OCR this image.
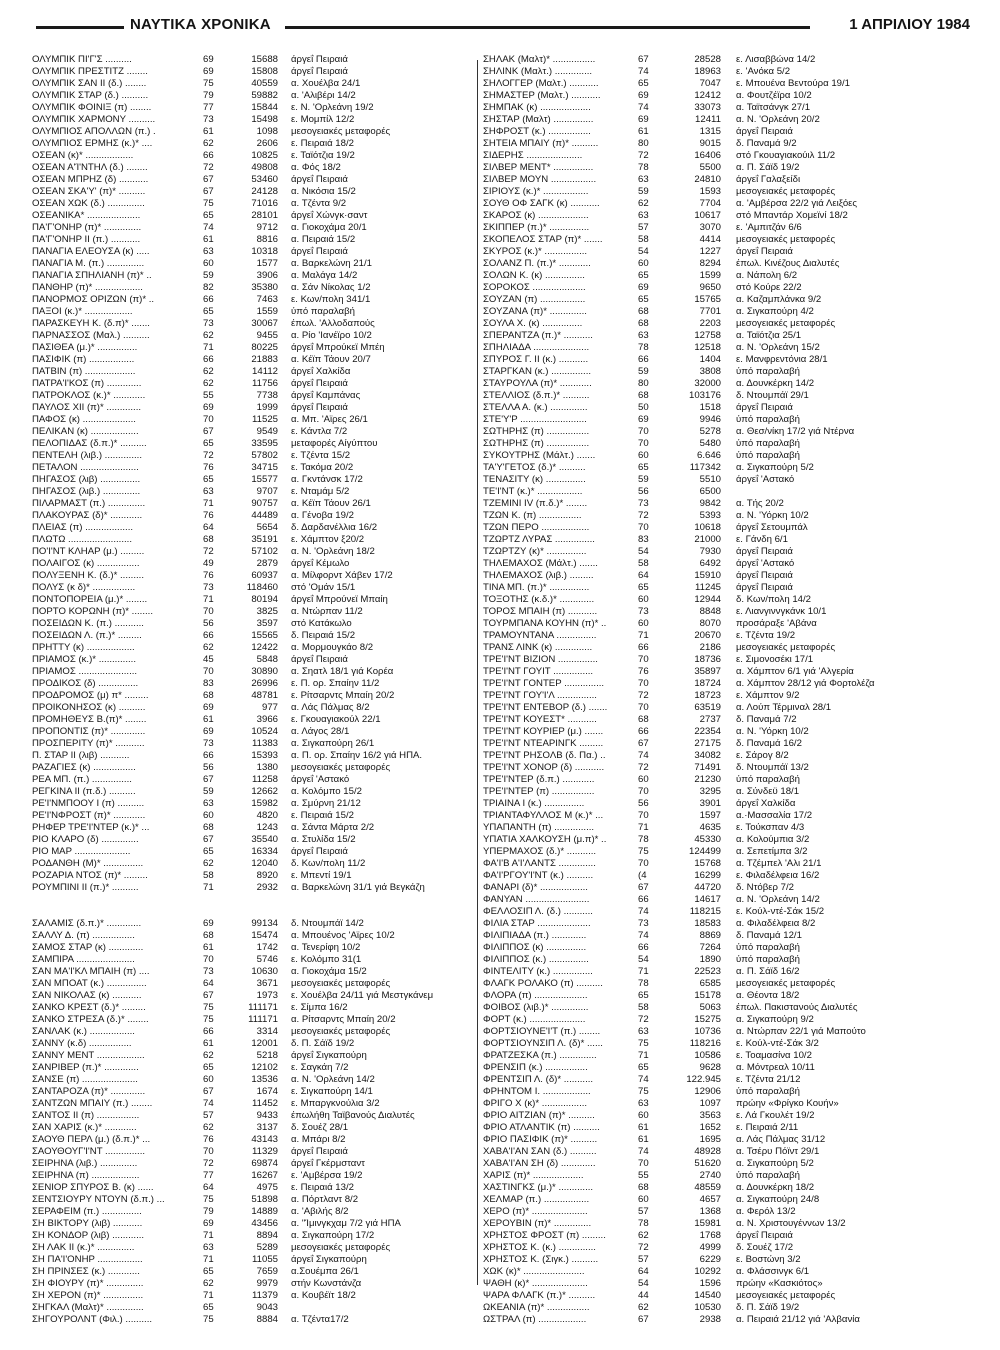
ΝΑΥΤΙΚΑ ΧΡΟΝΙΚΑ	1 ΑΠΡΙΛΙΟΥ 1984
ΟΛΥΜΠΙΚ ΠΙ'Γ'Σ ..........	69	15688 άργεΐ Πειραιά
ΟΛΥΜΠΙΚ ΠΡΕΣΤΙΤΖ ........	69	15808 άργεΐ Πειραιά
ΟΛΥΜΠΙΚ ΣΑΝ ΙΙ (δ.) ........	75	40559 α. Χουέλβα 24/1
ΟΛΥΜΠΙΚ ΣΤΑΡ (δ.) ..........	79	59882 α. 'Αλιβέρι 14/2
ΟΛΥΜΠΙΚ ΦΟΙΝΙΞ (π) ........	77	15844 ε. Ν. 'Ορλεάνη 19/2
ΟΛΥΜΠΙΚ ΧΑΡΜΟΝΥ ..........	73	15498 ε. Μομπίλ 12/2
ΟΛΥΜΠΙΟΣ ΑΠΟΛΛΩΝ (π.) .	61	1098 μεσογειακές μεταφορές
ΟΛΥΜΠΙΟΣ ΕΡΜΗΣ (κ.)* ....	62	2606 ε. Πειραιά 18/2
ΟΣΕΑΝ (κ)* ..................	66	10825 ε. Ταϊότζια 19/2
ΟΣΕΑΝ Α'Ί'ΝΤΗΛ (δ.) ........	72	49808 α. Φός 18/2
ΟΣΕΑΝ ΜΠΡΗΖ (δ) ...........	67	53460 άργεΐ Πειραιά
ΟΣΕΑΝ ΣΚΑ'Υ' (π)* ..........	67	24128 α. Νικόσια 15/2
ΟΣΕΑΝ ΧΩΚ (δ.) ..............	75	71016 α. Τζέντα 9/2
ΟΣΕΑΝΙΚΑ* ....................	65	28101 άργεΐ Χώνγκ·σαντ
ΠΑ'Γ'ΟΝΗΡ (π)* ..............	74	9712 α. Γιοκοχάμα 20/1
ΠΑ'Γ'ΟΝΗΡ ΙΙ (π.) ...........	61	8816 α. Πειραιά 15/2
ΠΑΝΑΓΙΑ ΕΛΕΟΥΣΑ (κ) .....	63	10318 άργεΐ Πειραιά
ΠΑΝΑΓΙΑ Μ. (π.) ..............	60	1577 α. Βαρκελώνη 21/1
ΠΑΝΑΓΙΑ ΣΠΗΛΙΑΝΗ (π)* ..	59	3906 α. Μαλάγα 14/2
ΠΑΝΘΗΡ (π)* ..................	82	35380 α. Σάν Νίκολας 1/2
ΠΑΝΟΡΜΟΣ ΟΡΙΖΩΝ (π)* ..	66	7463 ε. Κων/πολη 341/1
ΠΑΞΟΙ (κ.)* ..................	65	1559 ύπό παραλαβή
ΠΑΡΑΣΚΕΥΗ Κ. (δ.π)* .......	73	30067 έπωλ. 'Αλλοδαπούς
ΠΑΡΝΑΣΣΟΣ (Μαλ.) ..........	62	9455 α. Ρίο 'Ιανέϊρο 10/2
ΠΑΣΙΘΕΑ (μ.)* ...............	71	80225 άργεΐ Μπρούκεϊ Μπέη
ΠΑΣΙΦΙΚ (π) .................	66	21883 α. Κέϊπ Τάουν 20/7
ΠΑΤΒΙΝ (π) ...................	62	14112 άργεΐ Χαλκίδα
ΠΑΤΡΑ'Ι'ΚΟΣ (π) .............	62	11756 άργεΐ Πειραιά
ΠΑΤΡΟΚΛΟΣ (κ.)* ............	55	7738 άργεΐ Καμπάνας
ΠΑΥΛΟΣ ΧΙΙ (π)* .............	69	1999 άργεΐ Πειραιά
ΠΑΦΟΣ (κ) ....................	70	11525 α. Μπ. 'Αϊρες 26/1
ΠΕΛΙΚΑΝ (κ) ..................	67	9549 ε. Κάντλα 7/2
ΠΕΛΟΠΙΔΑΣ (δ.π.)* ..........	65	33595 μεταφορές Αίγύπτου
ΠΕΝΤΕΛΗ (λιβ.) ..............	72	57802 ε. Τζέντα 15/2
ΠΕΤΑΛΟΝ ......................	76	34715 ε. Τακόμα 20/2
ΠΗΓΑΣΟΣ (λιβ) ...............	65	15577 α. Γκντάνσκ 17/2
ΠΗΓΑΣΟΣ (λιβ.) ..............	63	9707 ε. Νταμάμ 5/2
ΠΙΛΑΡΜΑΣΤ (π.) ..............	71	90757 α. Κέϊπ Τάουν 26/1
ΠΛΑΚΟΥΡΑΣ (δ)* ............	76	44489 α. Γένοβα 19/2
ΠΛΕΙΑΣ (π) ..................	64	5654 δ. Δαρδανέλλια 16/2
ΠΛΩΤΩ ........................	68	35191 ε. Χάμπτον ξ20/2
ΠΟ'Ι'ΝΤ ΚΛΗΑΡ (μ.) .........	72	57102 α. Ν. 'Ορλεάνη 18/2
ΠΟΛΑΙΓΟΣ (κ) ................	49	2879 άργεΐ Κέμωλο
ΠΟΛΥΞΕΝΗ Κ. (δ.)* .........	76	60937 α. Μίλφορντ Χάβεν 17/2
ΠΟΛΥΣ (κ δ)* ................	73	118460 στό 'Ομάν 15/1
ΠΟΝΤΟΠΟΡΕΙΑ (μ.)* ........	71	80194 άργεΐ Μπρούνεϊ Μπαίη
ΠΟΡΤΟ ΚΟΡΩΝΗ (π)* ........	70	3825 α. Ντώρπαν 11/2
ΠΟΣΕΙΔΩΝ Κ. (π.) ...........	56	3597 στό Κατάκωλο
ΠΟΣΕΙΔΩΝ Λ. (π.)* .........	66	15565 δ. Πειραιά 15/2
ΠΡΗΤΤΥ (κ) ..................	62	12422 α. Μορμουγκάο 8/2
ΠΡΙΑΜΟΣ (κ.)* ..............	45	5848 άργεΐ Πειραιά
ΠΡΙΑΜΟΣ ......................	70	30890 α. Σηατλ 18/1 γιά Κορέα
ΠΡΟΔΙΚΟΣ (δ) ...............	83	26996 ε. Π. ορ. Σπαίην 11/2
ΠΡΟΔΡΟΜΟΣ (μ) π* .........	68	48781 ε. Ρίτσαρντς Μπαίη 20/2
ΠΡΟΙΚΟΝΗΣΟΣ (κ) ..........	69	977 α. Λάς Πάλμας 8/2
ΠΡΟΜΗΘΕΥΣ Β.(π)* ........	61	3966 ε. Γκουαγιακούλ 22/1
ΠΡΟΠΟΝΤΙΣ (π)* .............	69	10524 α. Λάγος 28/1
ΠΡΟΣΠΕΡΙΤΥ (π)* ...........	73	11383 α. Σιγκαπούρη 26/1
Π. ΣΤΑΡ ΙΙ (λιβ) ...........	66	15393 α. Π. ορ. Σπαίην 16/2 γιά ΗΠΑ.
ΡΑΖΑΓΙΕΣ (κ) ................	56	1380 μεσογειακές μεταφορές
ΡΕΑ ΜΠ. (π.) ...............	67	11258 άργεΐ 'Αστακό
ΡΕΓΚΙΝΑ ΙΙ (π.δ.) ..........	59	12662 α. Κολόμπο 15/2
ΡΕ'Ι'ΝΜΠΟΟΥ Ι (π) ..........	63	15982 α. Σμύρνη 21/12
ΡΕ'Ι'ΝΦΡΟΣΤ (π)* ............	60	4820 ε. Πειραιά 15/2
ΡΗΦΕΡ ΤΡΕ'Ι'ΝΤΕΡ (κ.)* ...	68	1243 α. Σάντα Μάρτα 2/2
ΡΙΟ ΚΛΑΡΟ (δ) ..............	67	35540 α. Στυλίδα 15/2
ΡΙΟ ΜΑΡ .....................	65	16334 άργεΐ Πειραιά
ΡΟΔΑΝΘΗ (Μ)* ...............	62	12040 δ. Κων/πολη 11/2
ΡΟΖΑΡΙΑ ΝΤΟΣ (π)* .........	58	8920 ε. Μπεντί 19/1
ΡΟΥΜΠΙΝΙ ΙΙ (π.)* ..........	71	2932 α. Βαρκελώνη 31/1 γιά Βεγκάζη
ΣΑΛΑΜΙΣ (δ.π.)* .............	69	99134 δ. Ντουμπάϊ 14/2
ΣΑΛΛΥ Δ. (π) ................	68	15474 α. Μπουένος 'Αϊρες 10/2
ΣΑΜΟΣ ΣΤΑΡ (κ) .............	61	1742 α. Τενερίφη 10/2
ΣΑΜΠΙΡΑ ......................	70	5746 ε. Κολόμπο 31(1
ΣΑΝ ΜΑ'Ι'ΚΛ ΜΠΑΙΗ (π) ....	73	10630 α. Γιοκοχάμα 15/2
ΣΑΝ ΜΠΟΑΤ (κ.) ...............	64	3671 μεσογειακές μεταφορές
ΣΑΝ ΝΙΚΟΛΑΣ (κ) ...........	67	1973 ε. Χουέλβα 24/11 γιά Μεστγκάνεμ
ΣΑΝΚΟ ΚΡΕΣΤ (δ.)* .........	75	111171 ε. Σίμπα 16/2
ΣΑΝΚΟ ΣΤΡΕΣΑ (δ.)* ........	75	111171 α. Ρίτσαρντς Μπαίη 20/2
ΣΑΝΛΑΚ (κ.) .................	66	3314 μεσογειακές μεταφορές
ΣΑΝΝΥ (κ.δ) ................	61	12001 δ. Π. Σάϊδ 19/2
ΣΑΝΝΥ ΜΕΝΤ ..................	62	5218 άργεΐ Σιγκαπούρη
ΣΑΝΡΙΒΕΡ (π.)* .............	65	12102 ε. Σαγκάη 7/2
ΣΑΝΣΕ (π) .....................	60	13536 α. Ν. 'Ορλεάνη 14/2
ΣΑΝΤΑΡΟΖΑ (π)* .............	67	1674 ε. Σιγκαπούρη 14/1
ΣΑΝΤΖΩΝ ΜΠΑΙΥ (π.) ........	74	11452 ε. Μπαργκνούλια 3/2
ΣΑΝΤΟΣ ΙΙ (π) ................	57	9433 έπωλήθη Ταϊβανούς Διαλυτές
ΣΑΝ ΧΑΡΙΣ (κ.)* ............	62	3137 δ. Σουέζ 28/1
ΣΑΟΥΘ ΠΕΡΛ (μ.) (δ.π.)* ...	76	43143 α. Μπάρι 8/2
ΣΑΟΥΘΟΥΓ'Ι'ΝΤ ...............	70	11329 άργεΐ Πειραιά
ΣΕΙΡΗΝΑ (λιβ.) ..............	72	69874 άργεΐ Γκέρμσταντ
ΣΕΙΡΗΝΑ (π) ..................	77	16267 ε. 'Αμβέρσα 19/2
ΣΕΝΙΟΡ ΣΠΥΡΟΣ Β. (κ) ......	64	4975 ε. Πειραιά 13/2
ΣΕΝΤΣΙΟΥΡΥ ΝΤΟΥΝ (δ.π.) ...	75	51898 α. Πόρτλαντ 8/2
ΣΕΡΑΦΕΙΜ (π.) ...............	79	14889 α. 'Αβιλής 8/2
ΣΗ ΒΙΚΤΟΡΥ (λιβ) ...........	69	43456 α. "Ίμινγκχαμ 7/2 γιά ΗΠΑ
ΣΗ ΚΟΝΔΟΡ (λιβ) ............	71	8894 α. Σιγκαπούρη 17/2
ΣΗ ΛΑΚ ΙΙ (κ.)* ..............	63	5289 μεσογειακές μεταφορές
ΣΗ ΠΑ'Ι'ΟΝΗΡ .................	71	11055 άργεΐ Σιγκαπούρη
ΣΗ ΠΡΙΝΣΕΣ (κ.) ............	65	7659 α.Σουέμπα 26/1
ΣΗ ΦΙΟΥΡΥ (π)* ..............	62	9979 στήν Κωνστάνζα
ΣΗ ΧΕΡΟΝ (π)* ...............	71	11379 α. Κουβέϊτ 18/2
ΣΗΓΚΑΛ (Μαλτ)* ..............	65	9043
ΣΗΓΟΥΡΟΛΝΤ (Φιλ.) ..........	75	8884 α. Τζέντα17/2
ΣΗΛΑΚ (Μαλτ)* ................	67	28528 ε. Λισαββώνα 14/2
ΣΗΛΙΝΚ (Μαλτ.) ..............	74	18963 ε. 'Ανόκα 5/2
ΣΗΛΟΓΓΕΡ (Μαλτ.) ...........	65	7047 ε. Μπουένα Βεντούρα 19/1
ΣΗΜΑΣΤΕΡ (Μαλτ.) ...........	69	12412 α. Φουτζέϊρα 10/2
ΣΗΜΠΑΚ (κ) ...................	74	33073 α. Ταϊτσάνγκ 27/1
ΣΗΣΤΑΡ (Μαλτ) ...............	69	12411 α. Ν. 'Ορλεάνη 20/2
ΣΗΦΡΟΣΤ (κ.) ................	61	1315 άργεΐ Πειραιά
ΣΗΤΕΙΑ ΜΠΑΙΥ (π)* ..........	80	9015 δ. Παναμά 9/2
ΣΙΔΕΡΗΣ .....................	72	16406 στό Γκουαγιακούιλ 11/2
ΣΙΛΒΕΡ ΜΕΝΤ* ...............	78	5500 α. Π. Σάϊδ 19/2
ΣΙΛΒΕΡ ΜΟΥΝ .................	63	24810 άργεΐ Γαλαξείδι
ΣΙΡΙΟΥΣ (κ.)* .................	59	1593 μεσογειακές μεταφορές
ΣΟΥΘ ΟΦ ΣΑΓΚ (κ) ...........	62	7704 α. 'Αμβέρσα 22/2 γιά Λειξόες
ΣΚΑΡΟΣ (κ) ...................	63	10617 στό Μπαντάρ Χομεϊνί 18/2
ΣΚΙΠΠΕΡ (π.)* ...............	57	3070 ε. 'Αμπιτζάν 6/6
ΣΚΟΠΕΛΟΣ ΣΤΑΡ (π)* .......	58	4414 μεσογειακές μεταφορές
ΣΚΥΡΟΣ (κ.)* ................	54	1227 άργεΐ Πειραιά
ΣΟΛΑΝΖ Π. (π.)* ............	60	8294 έπωλ. Κινέζους Διαλυτές
ΣΟΛΩΝ Κ. (κ) ...............	65	1599 α. Νάπολη 6/2
ΣΟΡΟΚΟΣ ....................	69	9650 στό Κούρε 22/2
ΣΟΥΖΑΝ (π) .................	65	15765 α. Καζαμπλάνκα 9/2
ΣΟΥΖΑΝΑ (π)* ..............	68	7701 α. Σιγκαπούρη 4/2
ΣΟΥΛΑ Χ. (κ) ...............	68	2203 μεσογειακές μεταφορές
ΣΠΕΡΑΝΤΖΑ (π.)* ...........	63	12758 α. Ταϊότζια 25/1
ΣΠΗΛΙΑΔΑ .....................	78	12518 α. Ν. 'Ορλεάνη 15/2
ΣΠΥΡΟΣ Γ. ΙΙ (κ.) ...........	66	1404 ε. Μανφρεντόνια 28/1
ΣΤΑΡΓΚΑΝ (κ.) ...............	59	3808 ύπό παραλαβή
ΣΤΑΥΡΟΥΛΑ (π)* ............	80	32000 α. Δουνκέρκη 14/2
ΣΤΕΛΛΙΟΣ (δ.π.)* ..........	68	103176 δ. Ντουμπάϊ 29/1
ΣΤΕΛΛΑ Α. (κ.) ..............	50	1518 άργεΐ Πειραιά
ΣΤΕ'Υ'Ρ .........................	69	9946 ύπό παραλαβή
ΣΩΤΗΡΗΣ (π) ................	70	5278 α. Θεσ/νίκη 17/2 γιά Ντέρνα
ΣΩΤΗΡΗΣ (π) ................	70	5480 ύπό παραλαβή
ΣΥΚΟΥΤΡΗΣ (Μάλτ.) .......	60	6.646 ύπό παραλαβή
ΤΑ'Υ'ΓΕΤΟΣ (δ.)* ..........	65	117342 α. Σιγκαπούρη 5/2
ΤΕΝΑΣΙΤΥ (κ) ...............	59	5510 άργεΐ 'Αστακό
ΤΕ'Ι'ΝΤ (κ.)* .................	56	6500
ΤΖΕΜΙΝΙ ΙV (π.δ.)* ........	73	9842 α. Τής 20/2
ΤΖΩΝ Κ. (π) ................	72	5393 α. Ν. 'Υόρκη 10/2
ΤΖΩΝ ΠΕΡΟ ..................	70	10618 άργεΐ Σετουμπάλ
ΤΖΩΡΤΖ ΛΥΡΑΣ ...............	83	21000 ε. Γάνδη 6/1
ΤΖΩΡΤΖΥ (κ)* ...............	54	7930 άργεΐ Πειραιά
ΤΗΛΕΜΑΧΟΣ (Μάλτ.) .......	58	6492 άργεΐ 'Αστακό
ΤΗΛΕΜΑΧΟΣ (λιβ.) .........	64	15910 άργεΐ Πειραιά
ΤΙΝΑ ΜΠ. (π.)* ...............	65	11245 άργεΐ Πειραιά
ΤΟΞΟΤΗΣ (κ.δ.)* .............	60	12944 δ. Κων/πολη 14/2
ΤΟΡΟΣ ΜΠΑΙΗ (π) ...........	73	8848 ε. Λιανγιννγκάνκ 10/1
ΤΟΥΡΜΠΑΝΑ ΚΟΥΗΝ (π)* ..	60	8070 προσάραξε 'Αβάνα
ΤΡΑΜΟΥΝΤΑΝΑ ...............	71	20670 ε. Τζέντα 19/2
ΤΡΑΝΣ ΛΙΝΚ (κ) ..............	66	2186 μεσογειακές μεταφορές
ΤΡΕ'Ι'ΝΤ ΒΙΖΙΟΝ ...............	70	18736 ε. Σιμονοσέκι 17/1
ΤΡΕ'Ι'ΝΤ ΓΟΥΙΤ ...............	76	35897 α. Χάμπτον 6/1 γιά 'Αλγερία
ΤΡΕ'Ι'ΝΤ ΓΟΝΤΕΡ ...............	70	18724 α. Χάμπτον 28/12 γιά Φορτολέζα
ΤΡΕ'Ι'ΝΤ ΓΟΥ'Ι'Λ ...............	72	18723 ε. Χάμπτον 9/2
ΤΡΕ'Ι'ΝΤ ΕΝΤΕΒΟΡ (δ.) .......	70	63519 α. Λούπ Τέρμιναλ 28/1
ΤΡΕ'Ι'ΝΤ ΚΟΥΕΣΤ* ...........	68	2737 δ. Παναμά 7/2
ΤΡΕ'Ι'ΝΤ ΚΟΥΡΙΕΡ (μ.) .......	66	22354 α. Ν. 'Υόρκη 10/2
ΤΡΕ'Ι'ΝΤ ΝΤΕΑΡΙΝΓΚ .........	67	27175 δ. Παναμά 16/2
ΤΡΕ'Ι'ΝΤ ΡΗΣΟΛΒ (δ. Πα.) ..	74	34082 ε. Σάρογ 8/2
ΤΡΕ'Ι'ΝΤ ΧΟΝΟΡ (δ) ...........	72	71491 δ. Ντουμπάϊ 13/2
ΤΡΕ'Ι'ΝΤΕΡ (δ.π.) ............	60	21230 ύπό παραλαβή
ΤΡΕ'Ι'ΝΤΕΡ (π) ................	70	3295 α. Σύνδεϋ 18/1
ΤΡΙΑΙΝΑ Ι (κ.) ...............	56	3901 άργεΐ Χαλκίδα
ΤΡΙΑΝΤΑΦΥΛΛΟΣ Μ (κ.)* ...	70	1597 α.·Μασσαλία 17/2
ΥΠΑΠΑΝΤΗ (π) ...............	71	4635 ε. Τούκσπαν 4/3
ΥΠΑΤΙΑ ΧΑΛΚΟΥΣΗ (μ.π)* ..	78	45330 α. Κολούμπια 3/2
ΥΠΕΡΜΑΧΟΣ (δ.)* ...........	75	124499 α. Σεπετίμπα 3/2
ΦΑ'Ι'Β Α'Ι'ΛΑΝΤΣ ..............	70	15768 α. Τζέμπελ 'Αλι 21/1
ΦΑ'Ι'ΡΓΟΥ'Ι'ΝΤ (κ.) ..........	(4	16299 ε. Φιλαδέλφεια 16/2
ΦΑΝΑΡΙ (δ)* ..................	67	44720 δ. Ντόβερ 7/2
ΦΑΝΥΑΝ ........................	66	14617 α. Ν. 'Ορλεάνη 14/2
ΦΕΛΛΟΣΙΠ Λ. (δ.) ...........	74	118215 ε. Κούλ-ντέ-Σάκ 15/2
ΦΙΛΙΑ ΣΤΑΡ ....................	73	18583 α. Φιλαδέλφεια 8/2
ΦΙΛΙΠΙΑΔΑ (π.) .............	74	8869 δ. Παναμά 12/1
ΦΙΛΙΠΠΟΣ (κ) ...............	66	7264 ύπό παραλαβή
ΦΙΛΙΠΠΟΣ (κ.) ...............	54	1890 ύπό παραλαβή
ΦΙΝΤΕΛΙΤΥ (κ.) ...............	71	22523 α. Π. Σάϊδ 16/2
ΦΛΑΓΚ ΡΟΛΑΚΟ (π) ..........	78	6585 μεσογειακές μεταφορές
ΦΛΟΡΑ (π) ....................	65	15178 α. Θέοντα 18/2
ΦΟΙΒΟΣ (λιβ.)* ..............	58	5063 έπωλ. Πακιστανούς Διαλυτές
ΦΟΡΤ (κ.) .....................	72	15275 α. Σιγκαπούρη 9/2
ΦΟΡΤΣΙΟΥΝΕ'Ι'Τ (π.) ........	63	10736 α. Ντώρπαν 22/1 γιά Μαπούτο
ΦΟΡΤΣΙΟΥΝΣΙΠ Λ. (δ)* ......	75	118216 ε. Κούλ-ντέ-Σάκ 3/2
ΦΡΑΤΖΕΣΚΑ (π.) ..............	71	10586 ε. Τοαμασίνα 10/2
ΦΡΕΝΣΙΠ (κ.) ................	65	9628 α. Μόντρεαλ 10/11
ΦΡΕΝΤΣΙΠ Λ. (δ)* ...........	74	122.945 ε. Τζέντα 21/12
ΦΡΗΝΤΟΜ Ι. ..................	75	12906 ύπό παραλαβή
ΦΡΙΓΟ Χ (κ)* .................	63	1097 πρώην «Φρίγκο Κουήν»
ΦΡΙΟ ΑΙΤΖΙΑΝ (π)* ..........	60	3563 ε. Λά Γκουλέτ 19/2
ΦΡΙΟ ΑΤΛΑΝΤΙΚ (π) ..........	61	1652 ε. Πειραιά 2/11
ΦΡΙΟ ΠΑΣΙΦΙΚ (π)* ..........	61	1695 α. Λάς Πάλμας 31/12
ΧΑΒΑ'Ι'ΑΝ ΣΑΝ (δ.) ..........	74	48928 α. Τσέρυ Πόϊντ 29/1
ΧΑΒΑ'Ι'ΑΝ ΣΗ (δ) .............	70	51620 α. Σιγκαπούρη 5/2
ΧΑΡΙΣ (π)* ...................	55	2740 ύπό παραλαβή
ΧΑΣΤΙΝΓΚΣ (μ.)* .............	68	48559 α. Δουνκέρκη 18/2
ΧΕΛΜΑΡ (π.) .................	60	4657 α. Σιγκαπούρη 24/8
ΧΕΡΟ (π)* .....................	57	1368 α. Φερόλ 13/2
ΧΕΡΟΥΒΙΝ (π)* ..............	78	15981 α. Ν. Χριστουγέννων 13/2
ΧΡΗΣΤΟΣ ΦΡΟΣΤ (π) .........	62	1768 άργεΐ Πειραιά
ΧΡΗΣΤΟΣ Κ. (κ.) ..............	72	4999 δ. Σουέζ 17/2
ΧΡΗΣΤΟΣ Κ. (Σιγκ.) ..........	57	6229 ε. Βοστώνη 3/2
ΧΩΚ (κ)* .......................	64	10292 α. Φλάσσινγκ 6/1
ΨΑΘΗ (κ)* .....................	54	1596 πρώην «Κασκιότος»
ΨΑΡΑ ΦΛΑΓΚ (π.)* ..........	44	14540 μεσογειακές μεταφορές
ΩΚΕΑΝΙΑ (π)* ................	62	10530 δ. Π. Σάϊδ 19/2
ΩΣΤΡΑΛ (π) ..................	67	2938 α. Πειραιά 21/12 γιά 'Αλβανία
